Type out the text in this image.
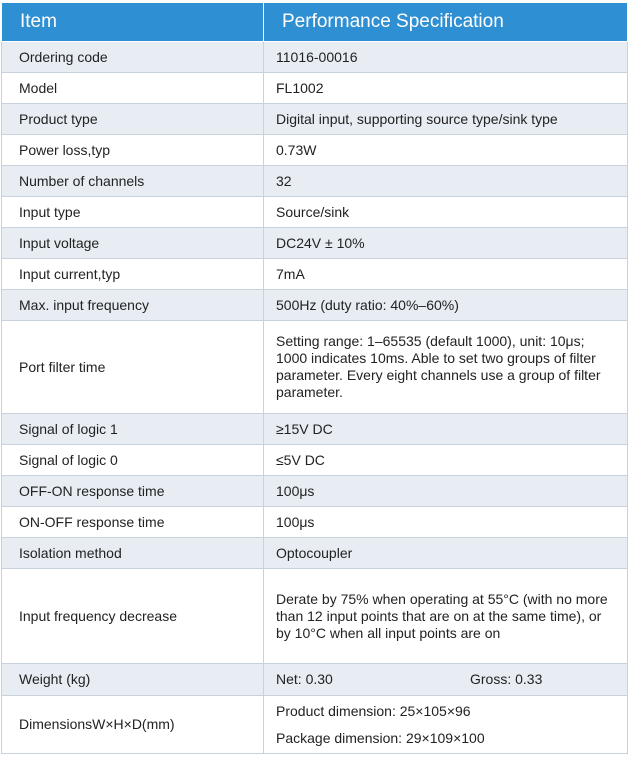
Item	Performance Specification
Ordering code	11016-00016
Model	FL1002
Product type	Digital input, supporting source type/sink type
Power loss,typ	0.73W
Number of channels	32
Input type	Source/sink
Input voltage	DC24V ± 10%
Input current,typ	7mA
Max. input frequency	500Hz (duty ratio: 40%–60%)
Port filter time	Setting range: 1–65535 (default 1000), unit: 10μs; 1000 indicates 10ms. Able to set two groups of filter parameter. Every eight channels use a group of filter parameter.
Signal of logic 1	≥15V DC
Signal of logic 0	≤5V DC
OFF-ON response time	100μs
ON-OFF response time	100μs
Isolation method	Optocoupler
Input frequency decrease	Derate by 75% when operating at 55°C (with no more than 12 input points that are on at the same time), or by 10°C when all input points are on
Weight (kg)	Net: 0.30 Gross: 0.33

DimensionsW×H×D(mm)	Product dimension: 25×105×96
Package dimension: 29×109×100
